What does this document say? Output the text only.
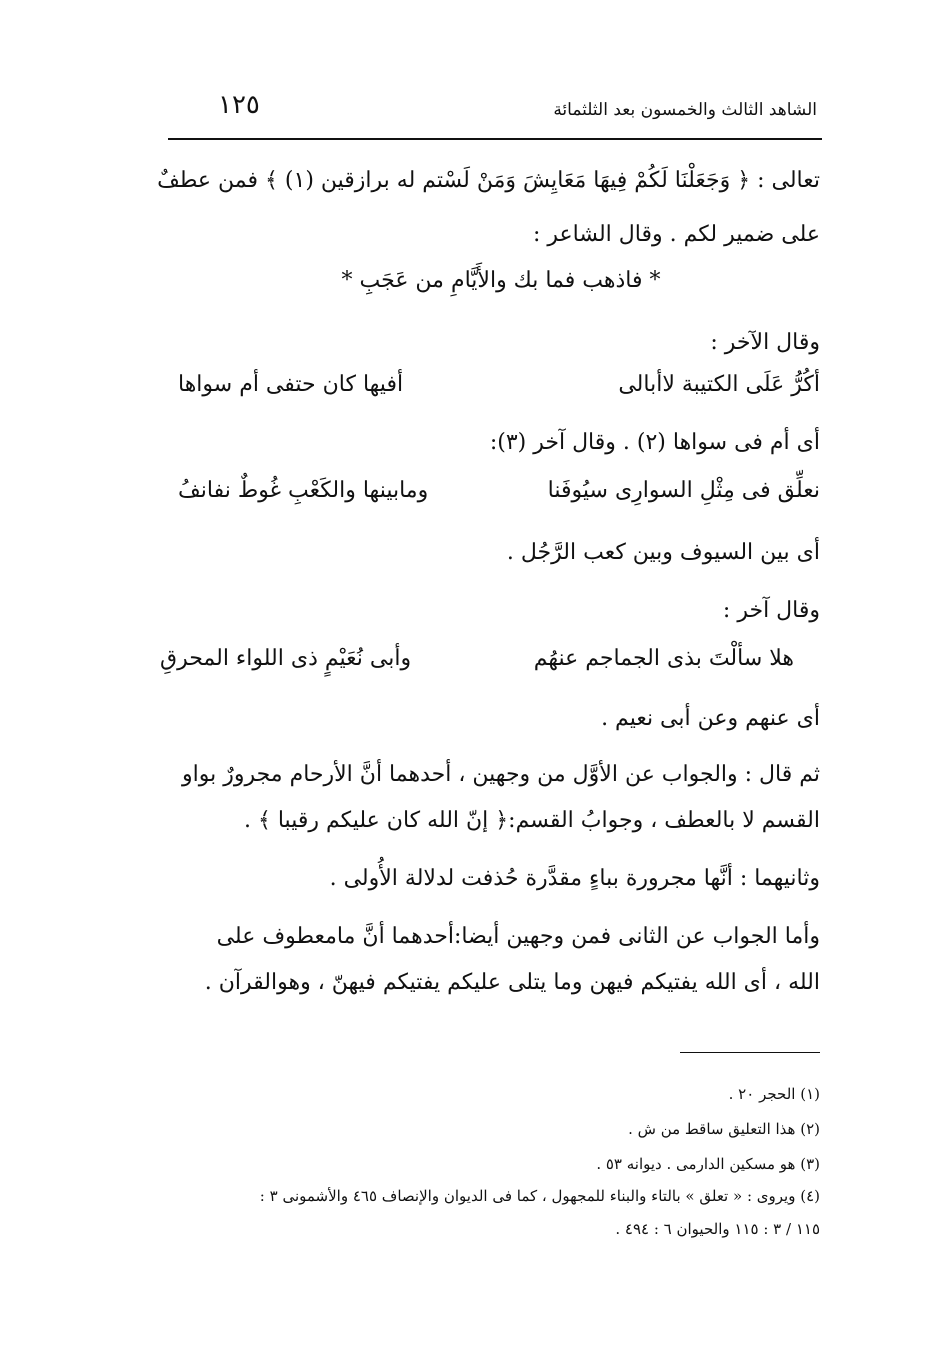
الشاهد الثالث والخمسون بعد الثلثمائة
١٢٥
تعالى : ﴿ وَجَعَلْنَا لَكُمْ فِيهَا مَعَايِشَ وَمَنْ لَسْتم له برازقين (١) ﴾ فمن عطفٌ
على ضمير لكم . وقال الشاعر :
* فاذهب فما بك والأَيَّامِ من عَجَبِ *
وقال الآخر :
أكُرُّ عَلَى الكتيبة لاأبالى
أفيها كان حتفى أم سواها
أى أم فى سواها (٢) . وقال آخر (٣):
نعلِّق فى مِثْلِ السوارِى سيُوفَنا
ومابينها والكَعْبِ غُوطٌ نفانفُ
أى بين السيوف وبين كعب الرَّجُل .
وقال آخر :
هلا سألْتَ بذى الجماجم عنهُم
وأبى نُعَيْمٍ ذى اللواء المحرقِ
أى عنهم وعن أبى نعيم .
ثم قال : والجواب عن الأوَّل من وجهين ، أحدهما أنَّ الأرحام مجرورٌ بواو
القسم لا بالعطف ، وجوابُ القسم:﴿ إنّ الله كان عليكم رقيبا ﴾ .
وثانيهما : أنَّها مجرورة بباءٍ مقدَّرة حُذفت لدلالة الأُولى .
وأما الجواب عن الثانى فمن وجهين أيضا:أحدهما أنَّ مامعطوف على
الله ، أى الله يفتيكم فيهن وما يتلى عليكم يفتيكم فيهنّ ، وهوالقرآن .
(١) الحجر ٢٠ .
(٢) هذا التعليق ساقط من ش .
(٣) هو مسكين الدارمى . ديوانه ٥٣ .
(٤) ويروى : « تعلق » بالتاء والبناء للمجهول ، كما فى الديوان والإنصاف ٤٦٥ والأشمونى ٣ :
١١٥ / ٣ : ١١٥ والحيوان ٦ : ٤٩٤ .
